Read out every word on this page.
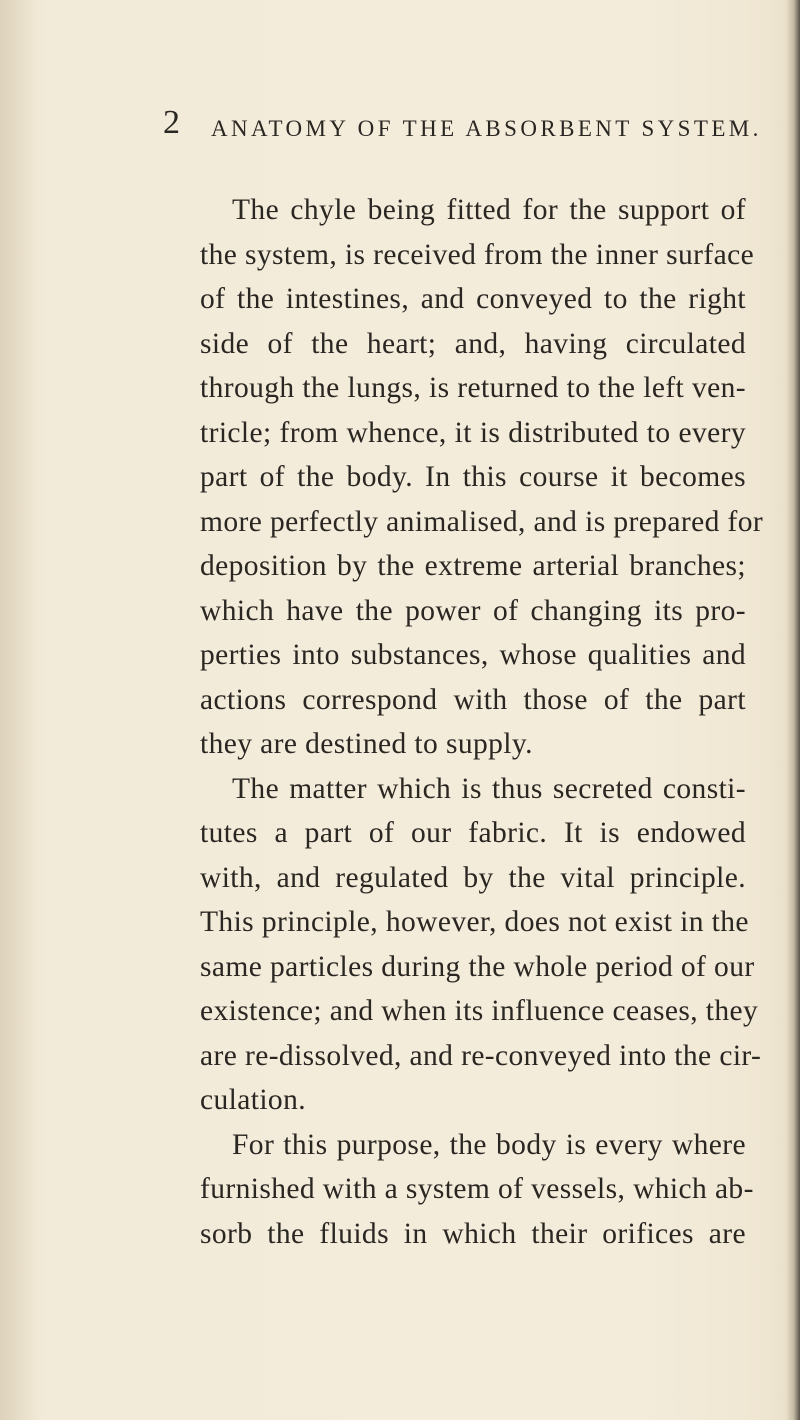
2 ANATOMY OF THE ABSORBENT SYSTEM.
The chyle being fitted for the support of
the system, is received from the inner surface
of the intestines, and conveyed to the right
side of the heart; and, having circulated
through the lungs, is returned to the left ven-
tricle; from whence, it is distributed to every
part of the body. In this course it becomes
more perfectly animalised, and is prepared for
deposition by the extreme arterial branches;
which have the power of changing its pro-
perties into substances, whose qualities and
actions correspond with those of the part
they are destined to supply.
The matter which is thus secreted consti-
tutes a part of our fabric. It is endowed
with, and regulated by the vital principle.
This principle, however, does not exist in the
same particles during the whole period of our
existence; and when its influence ceases, they
are re-dissolved, and re-conveyed into the cir-
culation.
For this purpose, the body is every where
furnished with a system of vessels, which ab-
sorb the fluids in which their orifices are
